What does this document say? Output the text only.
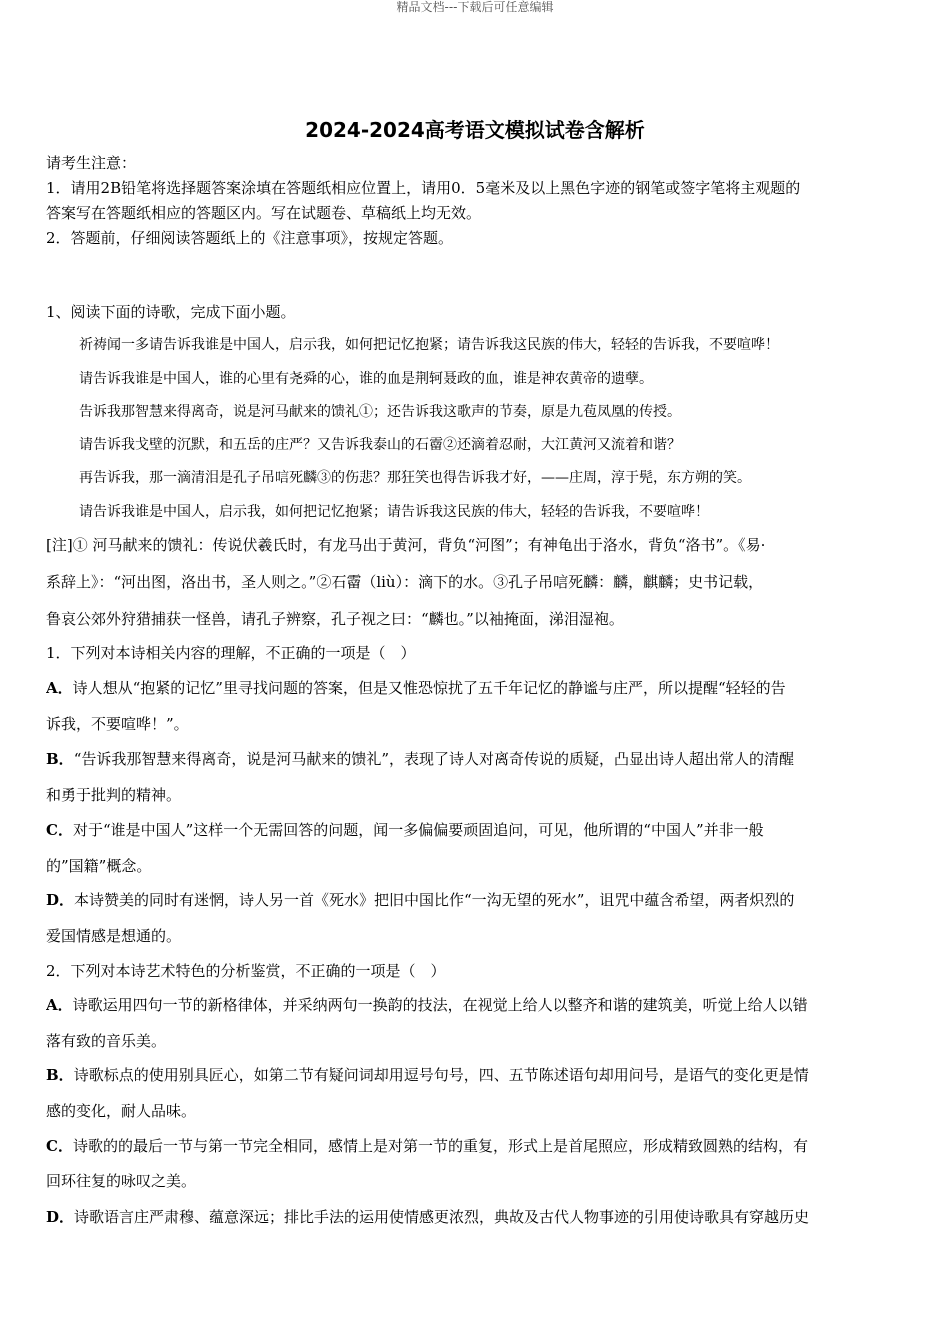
精品文档---下载后可任意编辑
2024-2024高考语文模拟试卷含解析
请考生注意：
1．请用2B铅笔将选择题答案涂填在答题纸相应位置上，请用0．5毫米及以上黑色字迹的钢笔或签字笔将主观题的
答案写在答题纸相应的答题区内。写在试题卷、草稿纸上均无效。
2．答题前，仔细阅读答题纸上的《注意事项》，按规定答题。
1、阅读下面的诗歌，完成下面小题。
祈祷闻一多请告诉我谁是中国人，启示我，如何把记忆抱紧；请告诉我这民族的伟大，轻轻的告诉我，不要喧哗！
请告诉我谁是中国人，谁的心里有尧舜的心，谁的血是荆轲聂政的血，谁是神农黄帝的遗孽。
告诉我那智慧来得离奇，说是河马献来的馈礼①；还告诉我这歌声的节奏，原是九苞凤凰的传授。
请告诉我戈壁的沉默，和五岳的庄严？又告诉我泰山的石霤②还滴着忍耐，大江黄河又流着和谐？
再告诉我，那一滴清泪是孔子吊唁死麟③的伤悲？那狂笑也得告诉我才好，——庄周，淳于髡，东方朔的笑。
请告诉我谁是中国人，启示我，如何把记忆抱紧；请告诉我这民族的伟大，轻轻的告诉我，不要喧哗！
[注]① 河马献来的馈礼：传说伏羲氏时，有龙马出于黄河，背负“河图”；有神龟出于洛水，背负“洛书”。《易·
系辞上》：“河出图，洛出书，圣人则之。”②石霤（liù）：滴下的水。③孔子吊唁死麟：麟，麒麟；史书记载，
鲁哀公郊外狩猎捕获一怪兽，请孔子辨察，孔子视之曰：“麟也。”以袖掩面，涕泪湿袍。
1．下列对本诗相关内容的理解，不正确的一项是（　）
A．诗人想从“抱紧的记忆”里寻找问题的答案，但是又惟恐惊扰了五千年记忆的静谧与庄严，所以提醒“轻轻的告
诉我，不要喧哗！”。
B．“告诉我那智慧来得离奇，说是河马献来的馈礼”，表现了诗人对离奇传说的质疑，凸显出诗人超出常人的清醒
和勇于批判的精神。
C．对于“谁是中国人”这样一个无需回答的问题，闻一多偏偏要顽固追问，可见，他所谓的“中国人”并非一般
的”国籍”概念。
D．本诗赞美的同时有迷惘，诗人另一首《死水》把旧中国比作“一沟无望的死水”，诅咒中蕴含希望，两者炽烈的
爱国情感是想通的。
2．下列对本诗艺术特色的分析鉴赏，不正确的一项是（　）
A．诗歌运用四句一节的新格律体，并采纳两句一换韵的技法，在视觉上给人以整齐和谐的建筑美，听觉上给人以错
落有致的音乐美。
B．诗歌标点的使用别具匠心，如第二节有疑问词却用逗号句号，四、五节陈述语句却用问号，是语气的变化更是情
感的变化，耐人品味。
C．诗歌的的最后一节与第一节完全相同，感情上是对第一节的重复，形式上是首尾照应，形成精致圆熟的结构，有
回环往复的咏叹之美。
D．诗歌语言庄严肃穆、蕴意深远；排比手法的运用使情感更浓烈，典故及古代人物事迹的引用使诗歌具有穿越历史
